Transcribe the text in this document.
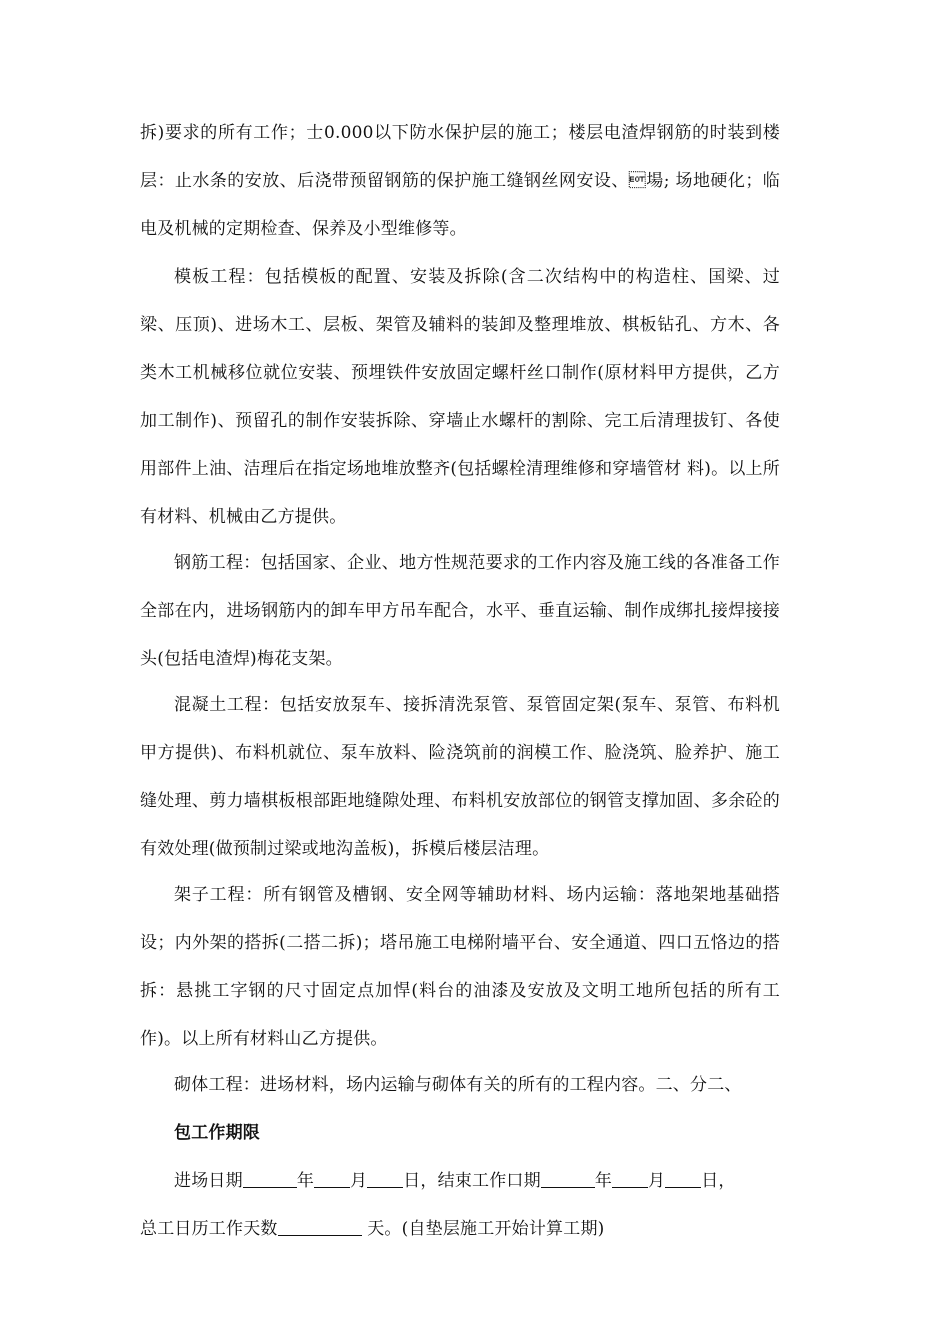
拆)要求的所有工作；士0.000以下防水保护层的施工；楼层电渣焊钢筋的时装到楼层：止水条的安放、后浇带预留钢筋的保护施工缝钢丝网安设、場; 场地硬化；临电及机械的定期检查、保养及小型维修等。

模板工程：包括模板的配置、安装及拆除(含二次结构中的构造柱、国梁、过梁、压顶)、进场木工、层板、架管及辅料的装卸及整理堆放、棋板钻孔、方木、各类木工机械移位就位安装、预埋铁件安放固定螺杆丝口制作(原材料甲方提供，乙方加工制作)、预留孔的制作安装拆除、穿墙止水螺杆的割除、完工后清理拔钉、各使用部件上油、洁理后在指定场地堆放整齐(包括螺栓清理维修和穿墙管材 料)。以上所有材料、机械由乙方提供。

钢筋工程：包括国家、企业、地方性规范要求的工作内容及施工线的各准备工作全部在内，进场钢筋内的卸车甲方吊车配合，水平、垂直运输、制作成绑扎接焊接接头(包括电渣焊)梅花支架。

混凝土工程：包括安放泵车、接拆清洗泵管、泵管固定架(泵车、泵管、布料机甲方提供)、布料机就位、泵车放料、险浇筑前的润模工作、脸浇筑、脸养护、施工缝处理、剪力墙棋板根部距地缝隙处理、布料机安放部位的钢管支撑加固、多余砼的有效处理(做预制过梁或地沟盖板)，拆模后楼层洁理。

架子工程：所有钢管及槽钢、安全网等辅助材料、场内运输：落地架地基础搭设；内外架的搭拆(二搭二拆)；塔吊施工电梯附墙平台、安全通道、四口五恪边的搭拆：悬挑工字钢的尺寸固定点加悍(料台的油漆及安放及文明工地所包括的所有工作)。以上所有材料山乙方提供。

砌体工程：进场材料，场内运输与砌体有关的所有的工程内容。二、分二、

包工作期限

进场日期	年 月 日，结束工作口期	年 月 日，

总工日历工作天数	天。(自垫层施工开始计算工期)
